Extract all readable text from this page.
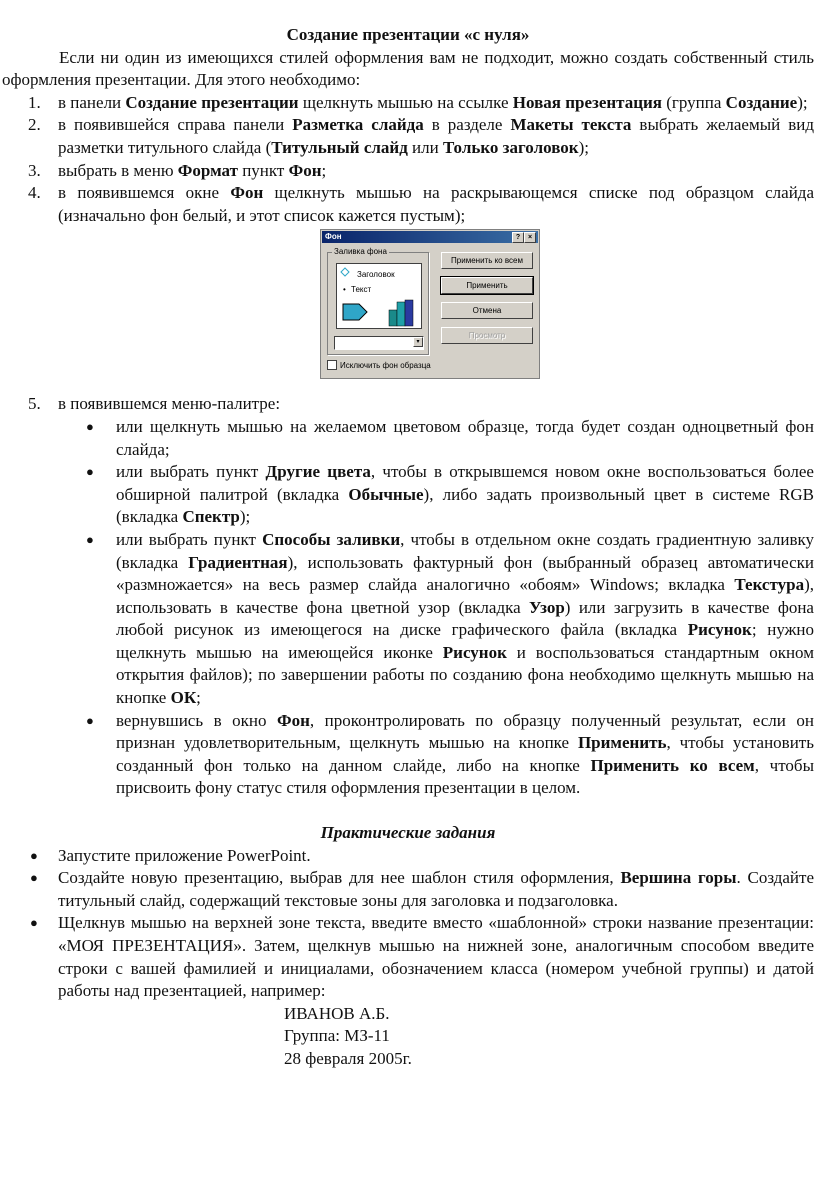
Создание презентации «с нуля»

Если ни один из имеющихся стилей оформления вам не подходит, можно создать собственный стиль оформления презентации. Для этого необходимо:

1. в панели Создание презентации щелкнуть мышью на ссылке Новая презентация (группа Создание);
2. в появившейся справа панели Разметка слайда в разделе Макеты текста выбрать желаемый вид разметки титульного слайда (Титульный слайд или Только заголовок);
3. выбрать в меню Формат пункт Фон;
4. в появившемся окне Фон щелкнуть мышью на раскрывающемся списке под образцом слайда (изначально фон белый, и этот список кажется пустым);
Фон	?	×
Заливка фона
Заголовок
• Текст
▾
Исключить фон образца
Применить ко всем
Применить
Отмена
Просмотр
5. в появившемся меню-палитре:
● или щелкнуть мышью на желаемом цветовом образце, тогда будет создан одноцветный фон слайда;
● или выбрать пункт Другие цвета, чтобы в открывшемся новом окне воспользоваться более обширной палитрой (вкладка Обычные), либо задать произвольный цвет в системе RGB (вкладка Спектр);
● или выбрать пункт Способы заливки, чтобы в отдельном окне создать градиентную заливку (вкладка Градиентная), использовать фактурный фон (выбранный образец автоматически «размножается» на весь размер слайда аналогично «обоям» Windows; вкладка Текстура), использовать в качестве фона цветной узор (вкладка Узор) или загрузить в качестве фона любой рисунок из имеющегося на диске графического файла (вкладка Рисунок; нужно щелкнуть мышью на имеющейся иконке Рисунок и воспользоваться стандартным окном открытия файлов); по завершении работы по созданию фона необходимо щелкнуть мышью на кнопке ОК;
● вернувшись в окно Фон, проконтролировать по образцу полученный результат, если он признан удовлетворительным, щелкнуть мышью на кнопке Применить, чтобы установить созданный фон только на данном слайде, либо на кнопке Применить ко всем, чтобы присвоить фону статус стиля оформления презентации в целом.
Практические задания
● Запустите приложение PowerPoint.
● Создайте новую презентацию, выбрав для нее шаблон стиля оформления, Вершина горы. Создайте титульный слайд, содержащий текстовые зоны для заголовка и подзаголовка.
● Щелкнув мышью на верхней зоне текста, введите вместо «шаблонной» строки название презентации: «МОЯ ПРЕЗЕНТАЦИЯ». Затем, щелкнув мышью на нижней зоне, аналогичным способом введите строки с вашей фамилией и инициалами, обозначением класса (номером учебной группы) и датой работы над презентацией, например:
ИВАНОВ А.Б.
Группа: МЗ-11
28 февраля 2005г.
